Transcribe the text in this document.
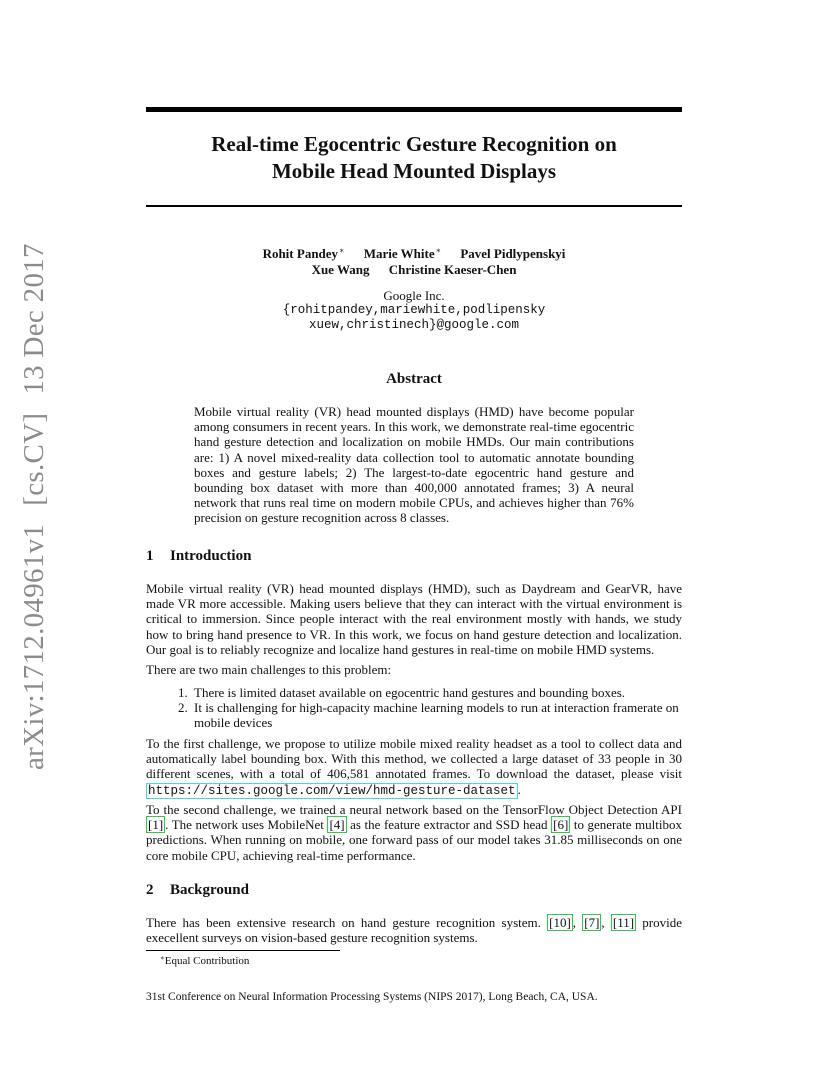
arXiv:1712.04961v1[cs.CV]13 Dec 2017
Real-time Egocentric Gesture Recognition on
Mobile Head Mounted Displays
Rohit Pandey∗ Marie White∗ Pavel Pidlypenskyi
Xue Wang Christine Kaeser-Chen
Google Inc.
{rohitpandey,mariewhite,podlipensky
xuew,christinech}@google.com
Abstract
Mobile virtual reality (VR) head mounted displays (HMD) have become popular among consumers in recent years. In this work, we demonstrate real-time egocentric hand gesture detection and localization on mobile HMDs. Our main contributions are: 1) A novel mixed-reality data collection tool to automatic annotate bounding boxes and gesture labels; 2) The largest-to-date egocentric hand gesture and bounding box dataset with more than 400,000 annotated frames; 3) A neural network that runs real time on modern mobile CPUs, and achieves higher than 76% precision on gesture recognition across 8 classes.
1 Introduction
Mobile virtual reality (VR) head mounted displays (HMD), such as Daydream and GearVR, have made VR more accessible. Making users believe that they can interact with the virtual environment is critical to immersion. Since people interact with the real environment mostly with hands, we study how to bring hand presence to VR. In this work, we focus on hand gesture detection and localization. Our goal is to reliably recognize and localize hand gestures in real-time on mobile HMD systems.
There are two main challenges to this problem:
1. There is limited dataset available on egocentric hand gestures and bounding boxes.
2. It is challenging for high-capacity machine learning models to run at interaction framerate on mobile devices
To the first challenge, we propose to utilize mobile mixed reality headset as a tool to collect data and automatically label bounding box. With this method, we collected a large dataset of 33 people in 30 different scenes, with a total of 406,581 annotated frames. To download the dataset, please visit https://sites.google.com/view/hmd-gesture-dataset .
To the second challenge, we trained a neural network based on the TensorFlow Object Detection API [1] . The network uses MobileNet [4] as the feature extractor and SSD head [6] to generate multibox predictions. When running on mobile, one forward pass of our model takes 31.85 milliseconds on one core mobile CPU, achieving real-time performance.
2 Background
There has been extensive research on hand gesture recognition system. [10] , [7] , [11] provide execellent surveys on vision-based gesture recognition systems.
∗Equal Contribution
31st Conference on Neural Information Processing Systems (NIPS 2017), Long Beach, CA, USA.
